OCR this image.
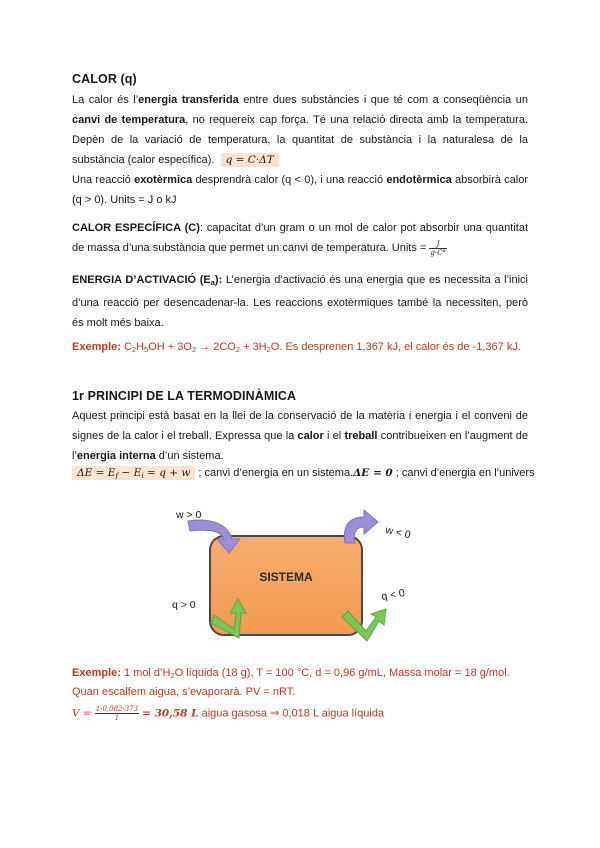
CALOR (q)
La calor és l’energia transferida entre dues substàncies i que té com a conseqüència un canvi de temperatura, no requereix cap força. Té una relació directa amb la temperatura. Depèn de la variació de temperatura, la quantitat de substància i la naturalesa de la substància (calor específica). q = C·ΔT
Una reacció exotèrmica desprendrà calor (q < 0), i una reacció endotèrmica absorbirà calor (q > 0). Units = J o kJ
CALOR ESPECÍFICA (C): capacitat d’un gram o un mol de calor pot absorbir una quantitat de massa d’una substància que permet un canvi de temperatura. Units = $\frac{J}{g\cdot C^\circ}$
ENERGIA D’ACTIVACIÓ $(E_a)$: L’energia d’activació és una energia que es necessita a l’inici d’una reacció per desencadenar-la. Les reaccions exotèrmiques també la necessiten, però és molt més baixa.
Exemple: $C_2H_5OH + 3O_2 \to 2CO_2 + 3H_2O$. Es desprenen 1,367 kJ, el calor és de -1,367 kJ.
1r PRINCIPI DE LA TERMODINÀMICA
Aquest principi està basat en la llei de la conservació de la matèria i energia i el conveni de signes de la calor i el treball. Expressa que la calor i el treball contribueixen en l’augment de l’energia interna d’un sistema.
$\Delta E = E_f - E_i = q + w$ ; canvi d’energia en un sistema.ΔE = 0 ; canvi d’energia en l’univers
SISTEMA
w > 0
w < 0
q > 0
q < 0
Exemple: 1 mol $d’H_2O$ líquida (18 g), T = 100 °C, d = 0,96 g/mL, Massa molar = 18 g/mol.
Quan escalfem aigua, s’evaporarà. PV = nRT.
$V = \frac{1\cdot 0,082\cdot 373}{1} = 30,58$ L aigua gasosa ⇒ 0,018 L aigua líquida
